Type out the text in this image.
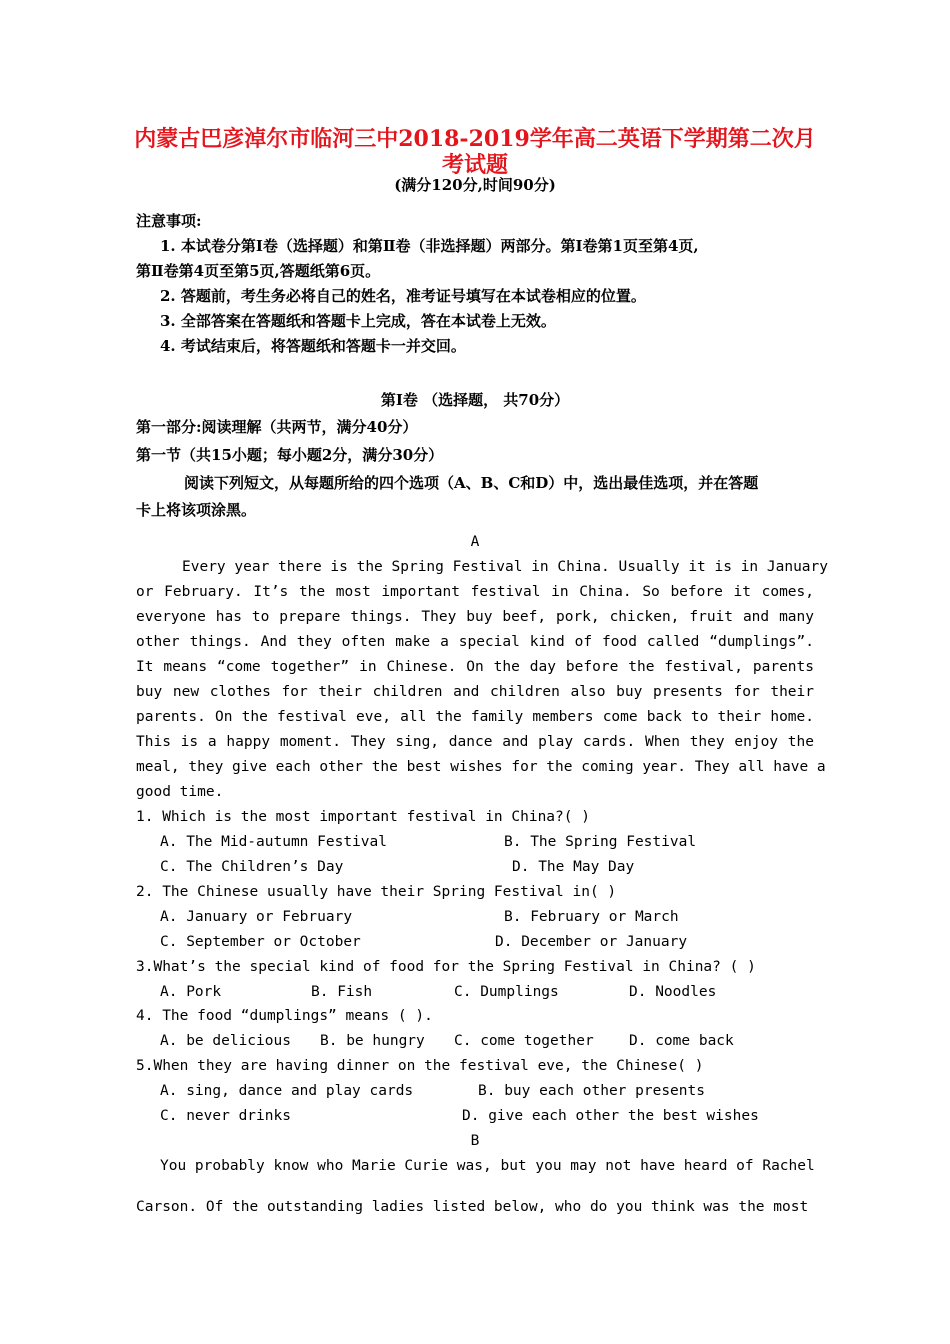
内蒙古巴彦淖尔市临河三中2018-2019学年高二英语下学期第二次月
考试题
(满分120分,时间90分)
注意事项:
1. 本试卷分第Ⅰ卷（选择题）和第Ⅱ卷（非选择题）两部分。第Ⅰ卷第1页至第4页,
第Ⅱ卷第4页至第5页,答题纸第6页。
2. 答题前，考生务必将自己的姓名，准考证号填写在本试卷相应的位置。
3. 全部答案在答题纸和答题卡上完成，答在本试卷上无效。
4. 考试结束后，将答题纸和答题卡一并交回。
第Ⅰ卷 （选择题， 共70分）
第一部分:阅读理解（共两节，满分40分）
第一节（共15小题；每小题2分，满分30分）
阅读下列短文，从每题所给的四个选项（A、B、C和D）中，选出最佳选项，并在答题
卡上将该项涂黑。
A
Every year there is the Spring Festival in China. Usually it is in January
or February. It’s the most important festival in China. So before it comes,
everyone has to prepare things. They buy beef, pork, chicken, fruit and many
other things. And they often make a special kind of food called “dumplings”.
It means “come together” in Chinese. On the day before the festival, parents
buy new clothes for their children and children also buy presents for their
parents. On the festival eve, all the family members come back to their home.
This is a happy moment. They sing, dance and play cards. When they enjoy the
meal, they give each other the best wishes for the coming year. They all have a
good time.
1. Which is the most important festival in China?( )
A. The Mid-autumn Festival	B. The Spring Festival
C. The Children’s Day	D. The May Day
2. The Chinese usually have their Spring Festival in( )
A. January or February	B. February or March
C. September or October	D. December or January
3.What’s the special kind of food for the Spring Festival in China? ( )
A. Pork	B. Fish	C. Dumplings	D. Noodles
4. The food “dumplings” means ( ).
A. be delicious B. be hungry C. come together D. come back
5.When they are having dinner on the festival eve, the Chinese( )
A. sing, dance and play cards	B. buy each other presents
C. never drinks	D. give each other the best wishes
B
You probably know who Marie Curie was, but you may not have heard of Rachel
Carson. Of the outstanding ladies listed below, who do you think was the most
